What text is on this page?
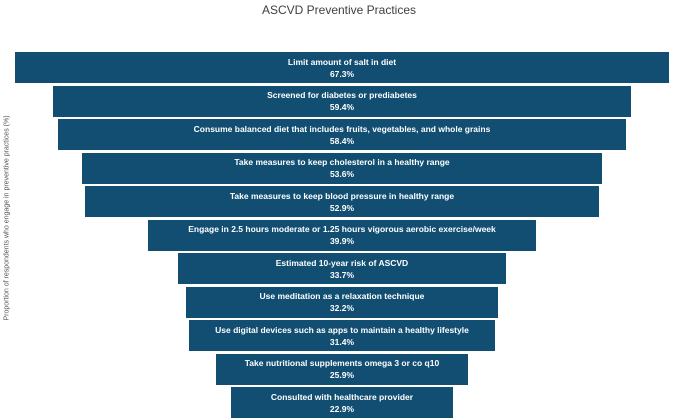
ASCVD Preventive Practices
Proportion of respondents who engage in preventive practices (%)
Limit amount of salt in diet
67.3%
Screened for diabetes or prediabetes
59.4%
Consume balanced diet that includes fruits, vegetables, and whole grains
58.4%
Take measures to keep cholesterol in a healthy range
53.6%
Take measures to keep blood pressure in healthy range
52.9%
Engage in 2.5 hours moderate or 1.25 hours vigorous aerobic exercise/week
39.9%
Estimated 10-year risk of ASCVD
33.7%
Use meditation as a relaxation technique
32.2%
Use digital devices such as apps to maintain a healthy lifestyle
31.4%
Take nutritional supplements omega 3 or co q10
25.9%
Consulted with healthcare provider
22.9%
